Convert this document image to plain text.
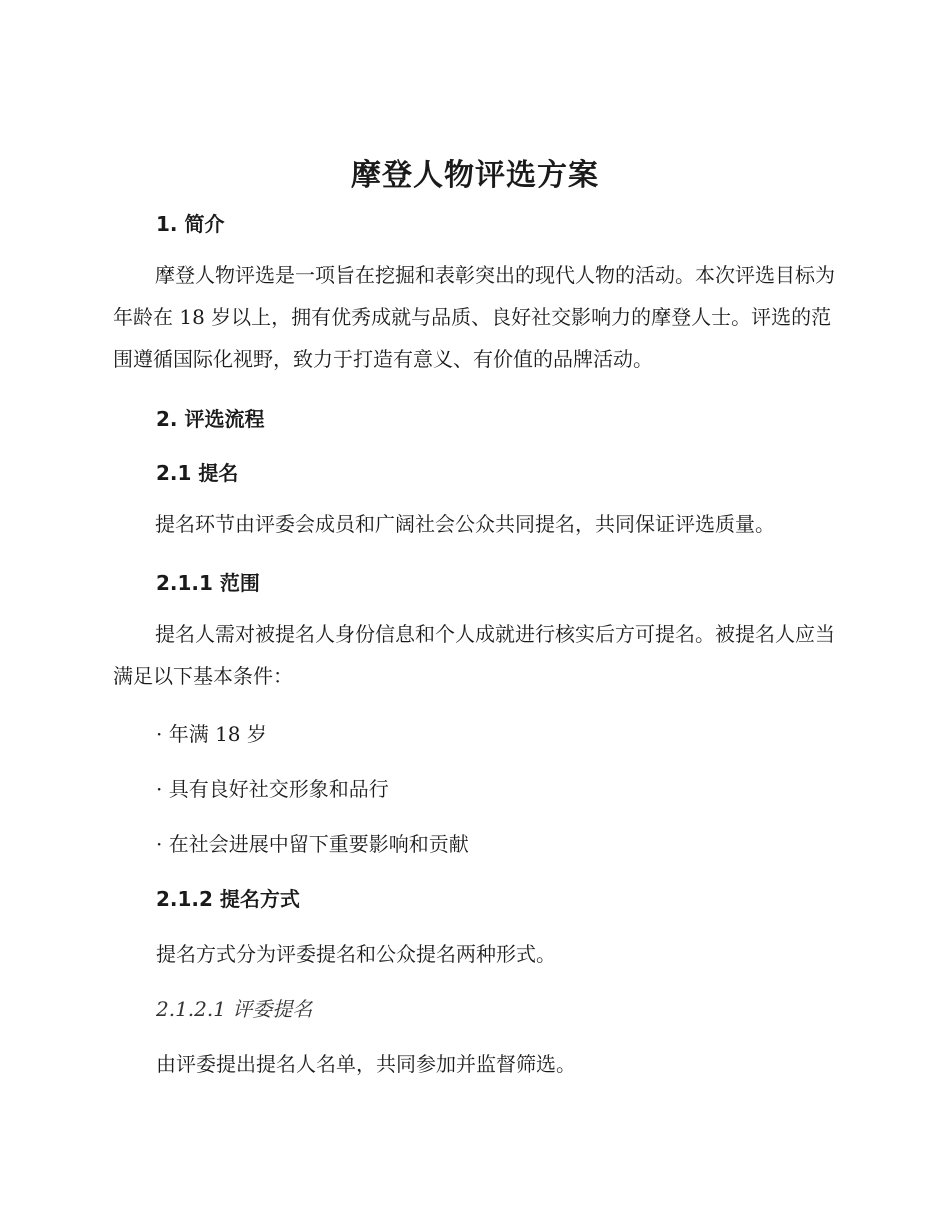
摩登人物评选方案
1. 简介
摩登人物评选是一项旨在挖掘和表彰突出的现代人物的活动。本次评选目标为年龄在 18 岁以上，拥有优秀成就与品质、良好社交影响力的摩登人士。评选的范围遵循国际化视野，致力于打造有意义、有价值的品牌活动。
2. 评选流程
2.1 提名
提名环节由评委会成员和广阔社会公众共同提名，共同保证评选质量。
2.1.1 范围
提名人需对被提名人身份信息和个人成就进行核实后方可提名。被提名人应当满足以下基本条件：
· 年满 18 岁
· 具有良好社交形象和品行
· 在社会进展中留下重要影响和贡献
2.1.2 提名方式
提名方式分为评委提名和公众提名两种形式。
2.1.2.1 评委提名
由评委提出提名人名单，共同参加并监督筛选。
